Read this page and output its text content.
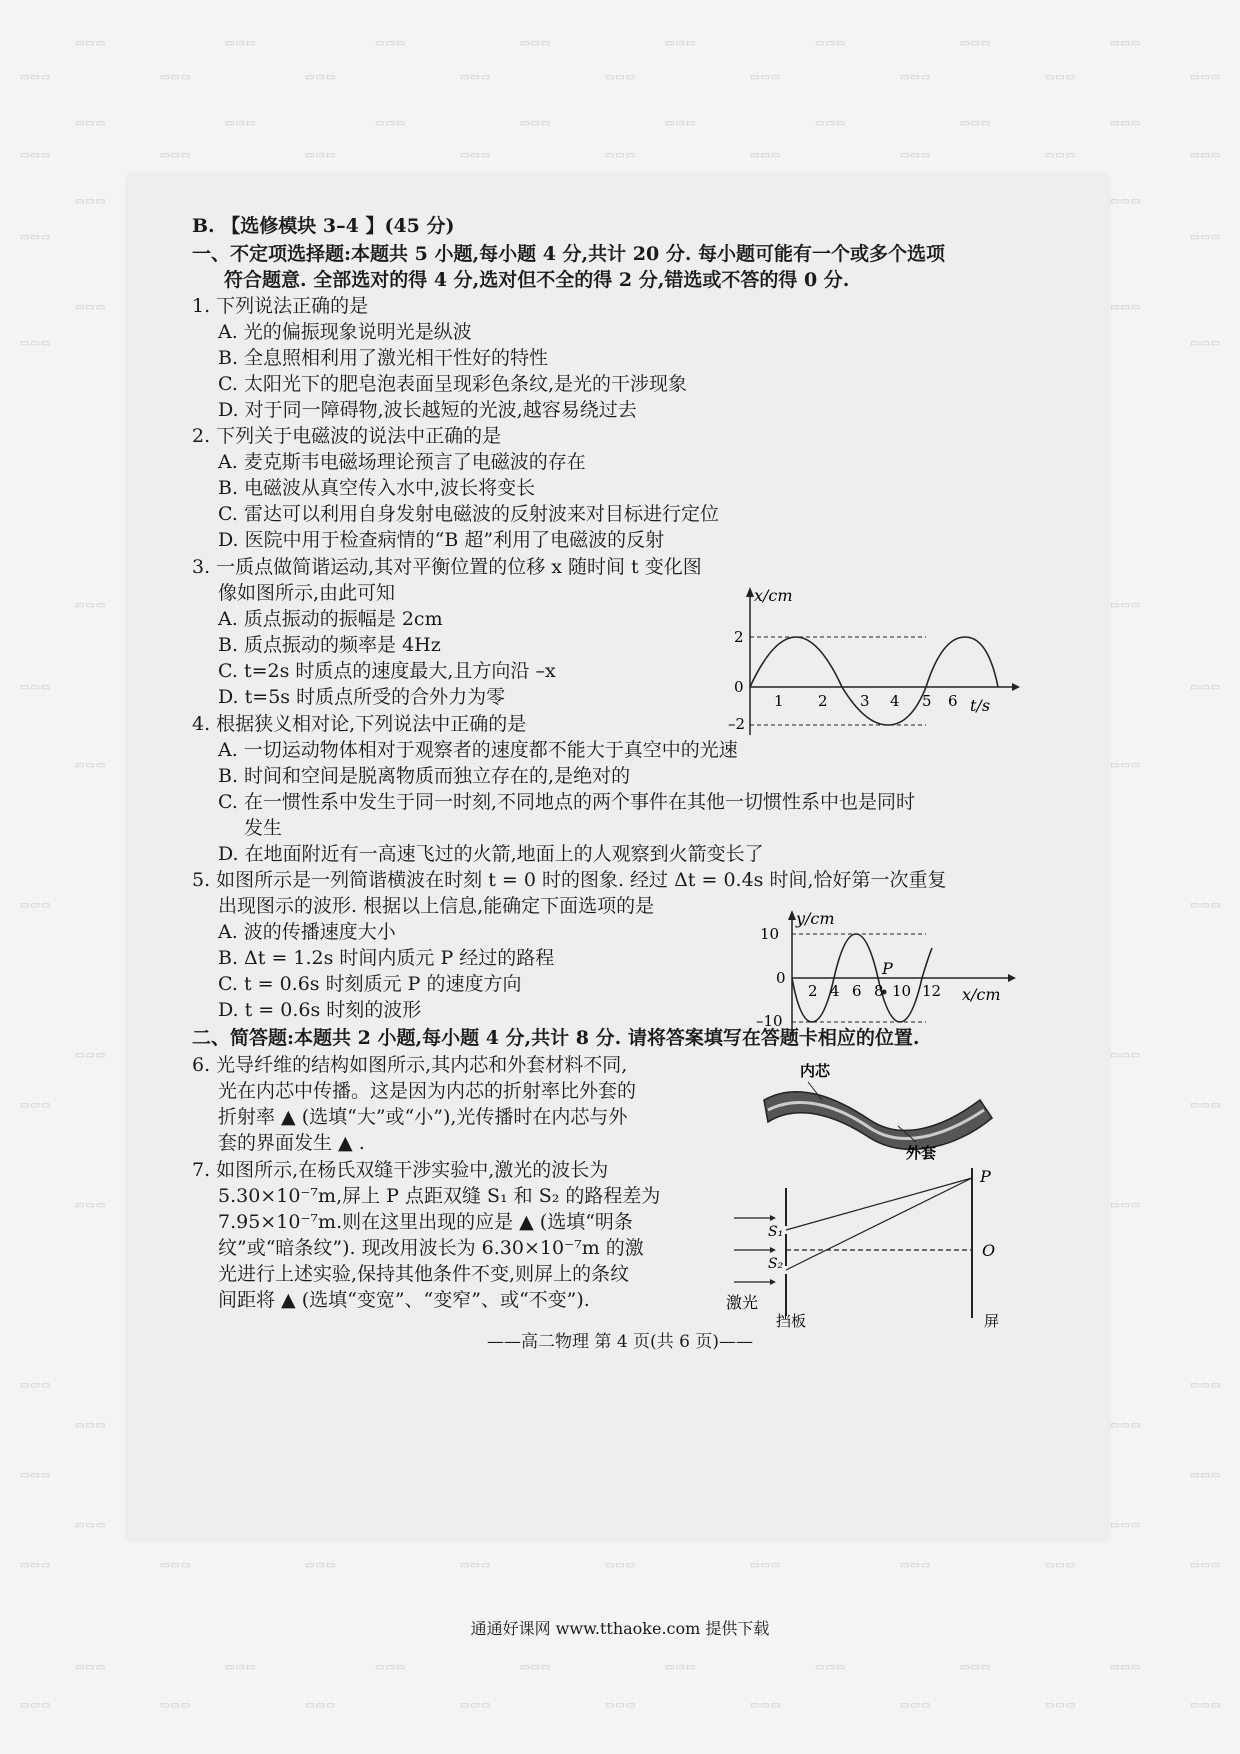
▭▭▭	▭▭▭	▭▭▭	▭▭▭	▭▭▭	▭▭▭	▭▭▭	▭▭▭
▭▭▭	▭▭▭	▭▭▭	▭▭▭	▭▭▭	▭▭▭	▭▭▭	▭▭▭	▭▭▭
▭▭▭	▭▭▭	▭▭▭	▭▭▭	▭▭▭	▭▭▭	▭▭▭	▭▭▭
▭▭▭	▭▭▭	▭▭▭	▭▭▭	▭▭▭	▭▭▭	▭▭▭	▭▭▭	▭▭▭
▭▭▭	▭▭▭
▭▭▭	▭▭▭
▭▭▭	▭▭▭
▭▭▭	▭▭▭
▭▭▭	▭▭▭
▭▭▭	▭▭▭
▭▭▭	▭▭▭
▭▭▭	▭▭▭
▭▭▭	▭▭▭
▭▭▭	▭▭▭
▭▭▭	▭▭▭
▭▭▭	▭▭▭
▭▭▭	▭▭▭
▭▭▭	▭▭▭
▭▭▭	▭▭▭
▭▭▭	▭▭▭	▭▭▭	▭▭▭	▭▭▭	▭▭▭	▭▭▭	▭▭▭	▭▭▭
▭▭▭	▭▭▭	▭▭▭	▭▭▭	▭▭▭	▭▭▭	▭▭▭	▭▭▭
▭▭▭	▭▭▭	▭▭▭	▭▭▭	▭▭▭	▭▭▭	▭▭▭	▭▭▭	▭▭▭
B. 【选修模块 3–4 】(45 分)
一、不定项选择题:本题共 5 小题,每小题 4 分,共计 20 分. 每小题可能有一个或多个选项
符合题意. 全部选对的得 4 分,选对但不全的得 2 分,错选或不答的得 0 分.
1. 下列说法正确的是
A. 光的偏振现象说明光是纵波
B. 全息照相利用了激光相干性好的特性
C. 太阳光下的肥皂泡表面呈现彩色条纹,是光的干涉现象
D. 对于同一障碍物,波长越短的光波,越容易绕过去
2. 下列关于电磁波的说法中正确的是
A. 麦克斯韦电磁场理论预言了电磁波的存在
B. 电磁波从真空传入水中,波长将变长
C. 雷达可以利用自身发射电磁波的反射波来对目标进行定位
D. 医院中用于检查病情的“B 超”利用了电磁波的反射
3. 一质点做简谐运动,其对平衡位置的位移 x 随时间 t 变化图
像如图所示,由此可知
A. 质点振动的振幅是 2cm
B. 质点振动的频率是 4Hz
C. t=2s 时质点的速度最大,且方向沿 –x
D. t=5s 时质点所受的合外力为零
x/cm
t/s
2
0
–2
1 2 3 4 5 6
4. 根据狭义相对论,下列说法中正确的是
A. 一切运动物体相对于观察者的速度都不能大于真空中的光速
B. 时间和空间是脱离物质而独立存在的,是绝对的
C. 在一惯性系中发生于同一时刻,不同地点的两个事件在其他一切惯性系中也是同时
发生
D. 在地面附近有一高速飞过的火箭,地面上的人观察到火箭变长了
5. 如图所示是一列简谐横波在时刻 t = 0 时的图象. 经过 Δt = 0.4s 时间,恰好第一次重复
出现图示的波形. 根据以上信息,能确定下面选项的是
A. 波的传播速度大小
B. Δt = 1.2s 时间内质元 P 经过的路程
C. t = 0.6s 时刻质元 P 的速度方向
D. t = 0.6s 时刻的波形
10
0
–10
y/cm
x/cm
2 4 6 8 10 12
P
二、简答题:本题共 2 小题,每小题 4 分,共计 8 分. 请将答案填写在答题卡相应的位置.
6. 光导纤维的结构如图所示,其内芯和外套材料不同,
光在内芯中传播。这是因为内芯的折射率比外套的
折射率 ▲ (选填“大”或“小”),光传播时在内芯与外
套的界面发生 ▲ .
内芯
外套
7. 如图所示,在杨氏双缝干涉实验中,激光的波长为
5.30×10⁻⁷m,屏上 P 点距双缝 S₁ 和 S₂ 的路程差为
7.95×10⁻⁷m.则在这里出现的应是 ▲ (选填“明条
纹”或“暗条纹”). 现改用波长为 6.30×10⁻⁷m 的激
光进行上述实验,保持其他条件不变,则屏上的条纹
间距将 ▲ (选填“变宽”、“变窄”、或“不变”).
S₁
S₂
P
O
激光
挡板	屏
——高二物理 第 4 页(共 6 页)——
通通好课网 www.tthaoke.com 提供下载
